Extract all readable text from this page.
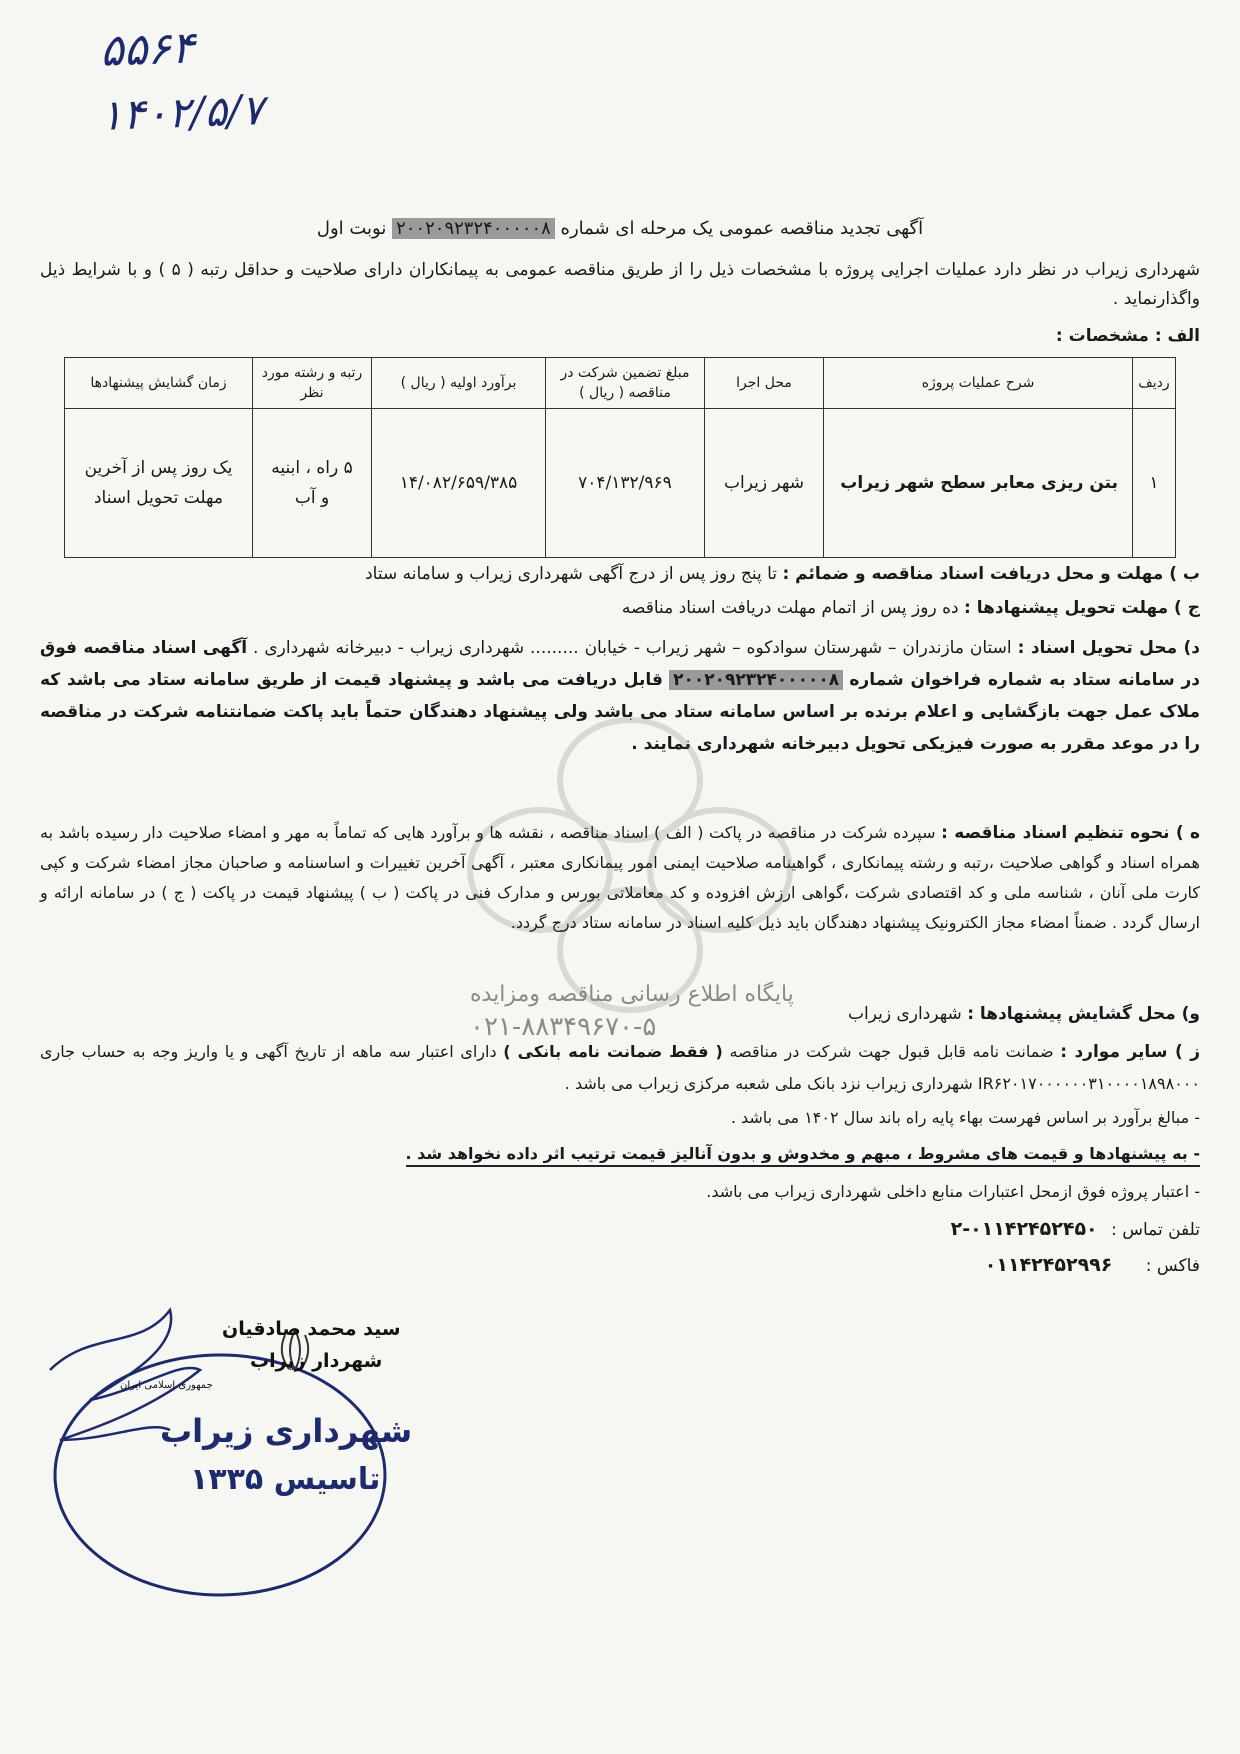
۵۵۶۴
۱۴۰۲/۵/۷
آگهی تجدید مناقصه عمومی یک مرحله ای شماره ۲۰۰۲۰۹۲۳۲۴۰۰۰۰۰۸ نوبت اول
شهرداری زیراب در نظر دارد عملیات اجرایی پروژه با مشخصات ذیل را از طریق مناقصه عمومی به پیمانکاران دارای صلاحیت و حداقل رتبه ( ۵ ) و با شرایط ذیل واگذارنماید .
الف : مشخصات :
ردیف	شرح عملیات پروژه	محل اجرا	مبلغ تضمین شرکت در مناقصه ( ریال )	برآورد اولیه ( ریال )	رتبه و رشته مورد نظر	زمان گشایش پیشنهادها
۱	بتن ریزی معابر سطح شهر زیراب	شهر زیراب	۷۰۴/۱۳۲/۹۶۹	۱۴/۰۸۲/۶۵۹/۳۸۵	۵ راه ، ابنیه و آب	یک روز پس از آخرین مهلت تحویل اسناد
ب ) مهلت و محل دریافت اسناد مناقصه و ضمائم : تا پنج روز پس از درج آگهی شهرداری زیراب و سامانه ستاد
ج ) مهلت تحویل پیشنهادها : ده روز پس از اتمام مهلت دریافت اسناد مناقصه
د) محل تحویل اسناد : استان مازندران – شهرستان سوادکوه – شهر زیراب - خیابان ......... شهرداری زیراب - دبیرخانه شهرداری . آگهی اسناد مناقصه فوق در سامانه ستاد به شماره فراخوان شماره ۲۰۰۲۰۹۲۳۲۴۰۰۰۰۰۸ قابل دریافت می باشد و پیشنهاد قیمت از طریق سامانه ستاد می باشد که ملاک عمل جهت بازگشایی و اعلام برنده بر اساس سامانه ستاد می باشد ولی پیشنهاد دهندگان حتماً باید پاکت ضمانتنامه شرکت در مناقصه را در موعد مقرر به صورت فیزیکی تحویل دبیرخانه شهرداری نمایند .
ه ) نحوه تنظیم اسناد مناقصه : سپرده شرکت در مناقصه در پاکت ( الف ) اسناد مناقصه ، نقشه ها و برآورد هایی که تماماً به مهر و امضاء صلاحیت دار رسیده باشد به همراه اسناد و گواهی صلاحیت ،رتبه و رشته پیمانکاری ، گواهینامه صلاحیت ایمنی امور پیمانکاری معتبر ، آگهی آخرین تغییرات و اساسنامه و صاحبان مجاز امضاء شرکت و کپی کارت ملی آنان ، شناسه ملی و کد اقتصادی شرکت ،گواهی ارزش افزوده و کد معاملاتی بورس و مدارک فنی در پاکت ( ب ) پیشنهاد قیمت در پاکت ( ج ) در سامانه ارائه و ارسال گردد . ضمناً امضاء مجاز الکترونیک پیشنهاد دهندگان باید ذیل کلیه اسناد در سامانه ستاد درج گردد.
و) محل گشایش پیشنهادها : شهرداری زیراب
ز ) سایر موارد : ضمانت نامه قابل قبول جهت شرکت در مناقصه ( فقط ضمانت نامه بانکی ) دارای اعتبار سه ماهه از تاریخ آگهی و یا واریز وجه به حساب جاری IR۶۲۰۱۷۰۰۰۰۰۰۳۱۰۰۰۰۱۸۹۸۰۰۰ شهرداری زیراب نزد بانک ملی شعبه مرکزی زیراب می باشد .
- مبالغ برآورد بر اساس فهرست بهاء پایه راه باند سال ۱۴۰۲ می باشد .
- به پیشنهادها و قیمت های مشروط ، مبهم و مخدوش و بدون آنالیز قیمت ترتیب اثر داده نخواهد شد .
- اعتبار پروژه فوق ازمحل اعتبارات منابع داخلی شهرداری زیراب می باشد.
تلفن تماس : ۰۱۱۴۲۴۵۲۴۵۰-۲
فاکس : ۰۱۱۴۲۴۵۲۹۹۶
پایگاه اطلاع رسانی مناقصه ومزایده
۰۲۱-۸۸۳۴۹۶۷۰-۵
سید محمد صادقیان
شهردار زیراب
جمهوری اسلامی ایران
شهرداری زیراب
تاسیس ۱۳۳۵
